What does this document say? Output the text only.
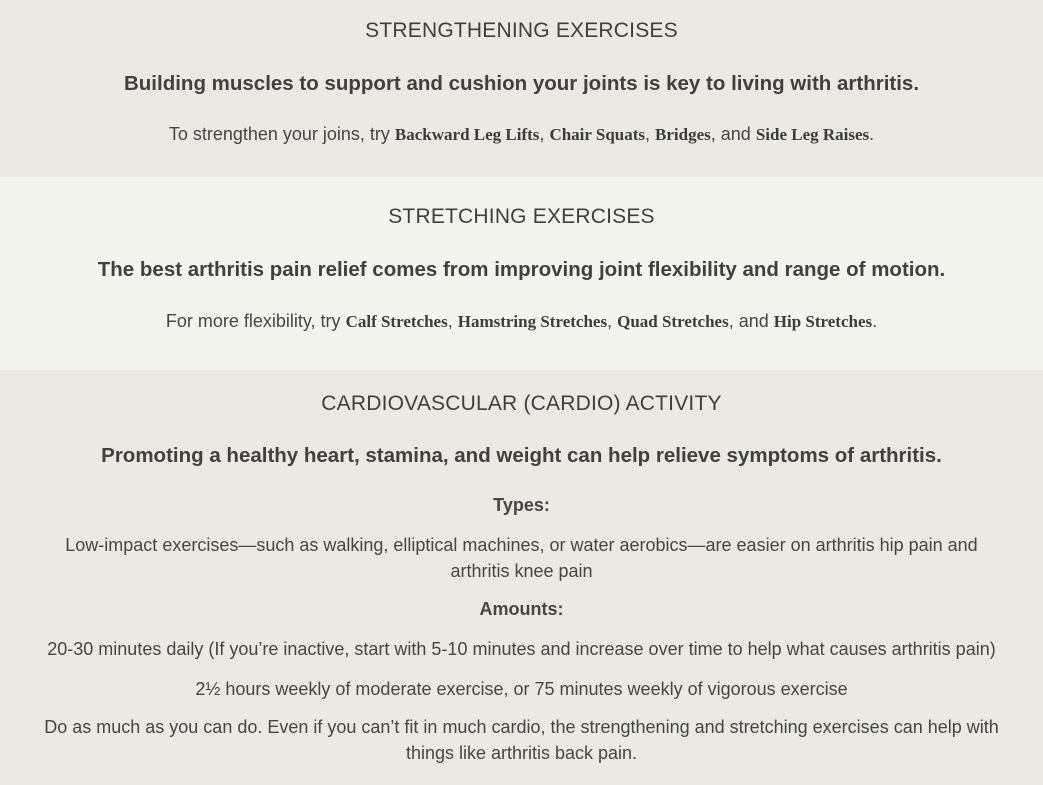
STRENGTHENING EXERCISES
Building muscles to support and cushion your joints is key to living with arthritis.

To strengthen your joins, try Backward Leg Lifts, Chair Squats, Bridges, and Side Leg Raises.

STRETCHING EXERCISES
The best arthritis pain relief comes from improving joint flexibility and range of motion.

For more flexibility, try Calf Stretches, Hamstring Stretches, Quad Stretches, and Hip Stretches.

CARDIOVASCULAR (CARDIO) ACTIVITY
Promoting a healthy heart, stamina, and weight can help relieve symptoms of arthritis.

Types:

Low-impact exercises—such as walking, elliptical machines, or water aerobics—are easier on arthritis hip pain and

arthritis knee pain

Amounts:

20-30 minutes daily (If you’re inactive, start with 5-10 minutes and increase over time to help what causes arthritis pain)

2½ hours weekly of moderate exercise, or 75 minutes weekly of vigorous exercise

Do as much as you can do. Even if you can’t fit in much cardio, the strengthening and stretching exercises can help with

things like arthritis back pain.
